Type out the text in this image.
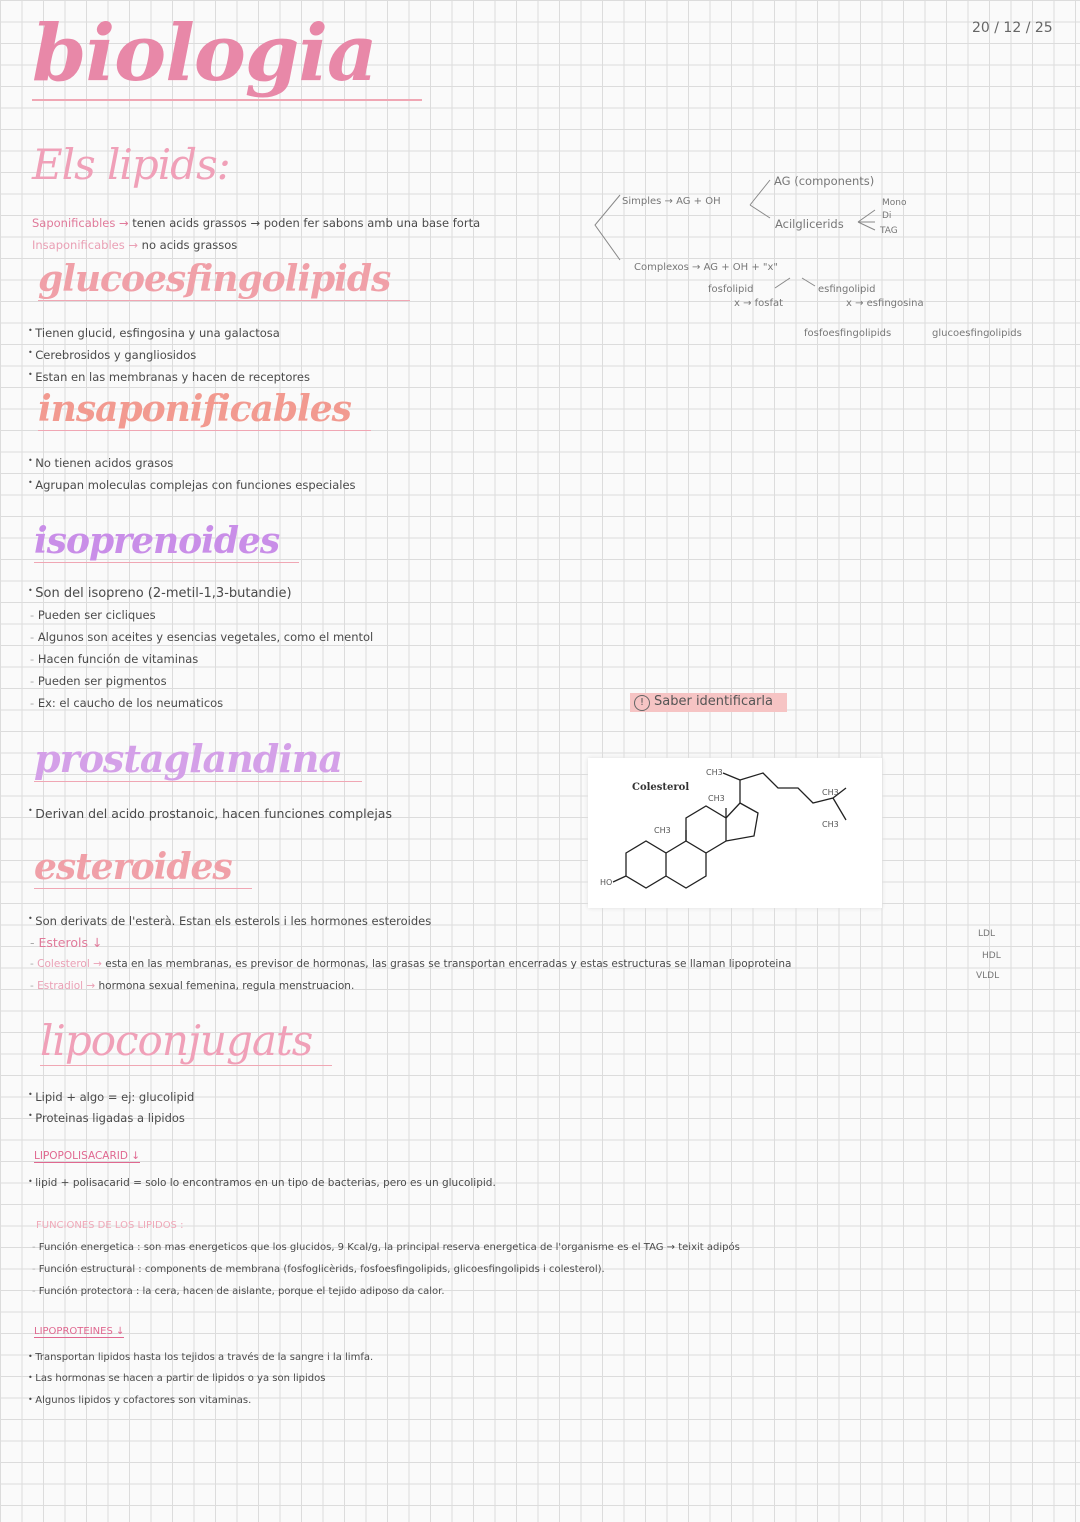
biologia	20 / 12 / 25
Els lipids:
Saponificables → tenen acids grassos → poden fer sabons amb una base forta
Insaponificables → no acids grassos
Simples → AG + OH
AG (components)
Acilglicerids
Mono
Di
TAG
Complexos → AG + OH + "x"
fosfolipid
x → fosfat
esfingolipid
x → esfingosina
fosfoesfingolipids	glucoesfingolipids
glucoesfingolipids
• Tienen glucid, esfingosina y una galactosa
• Cerebrosidos y gangliosidos
• Estan en las membranas y hacen de receptores
insaponificables
• No tienen acidos grasos
• Agrupan moleculas complejas con funciones especiales
isoprenoides
• Son del isopreno (2-metil-1,3-butandie)
- Pueden ser cicliques
- Algunos son aceites y esencias vegetales, como el mentol
- Hacen función de vitaminas
- Pueden ser pigmentos
- Ex: el caucho de los neumaticos	! Saber identificarla
Colesterol
CH3
CH3
CH3
CH3
CH3
HO
prostaglandina
• Derivan del acido prostanoic, hacen funciones complejas
esteroides
• Son derivats de l'esterà. Estan els esterols i les hormones esteroides
- Esterols ↓
- Colesterol → esta en las membranas, es previsor de hormonas, las grasas se transportan encerradas y estas estructuras se llaman lipoproteina
LDL
HDL
VLDL
- Estradiol → hormona sexual femenina, regula menstruacion.
lipoconjugats
• Lipid + algo = ej: glucolipid
• Proteinas ligadas a lipidos
LIPOPOLISACARID ↓
• lipid + polisacarid = solo lo encontramos en un tipo de bacterias, pero es un glucolipid.
FUNCIONES DE LOS LIPIDOS :
- Función energetica : son mas energeticos que los glucidos, 9 Kcal/g, la principal reserva energetica de l'organisme es el TAG → teixit adipós
- Función estructural : components de membrana (fosfoglicèrids, fosfoesfingolipids, glicoesfingolipids i colesterol).
- Función protectora : la cera, hacen de aislante, porque el tejido adiposo da calor.
LIPOPROTEINES ↓
• Transportan lipidos hasta los tejidos a través de la sangre i la limfa.
• Las hormonas se hacen a partir de lipidos o ya son lipidos
• Algunos lipidos y cofactores son vitaminas.
